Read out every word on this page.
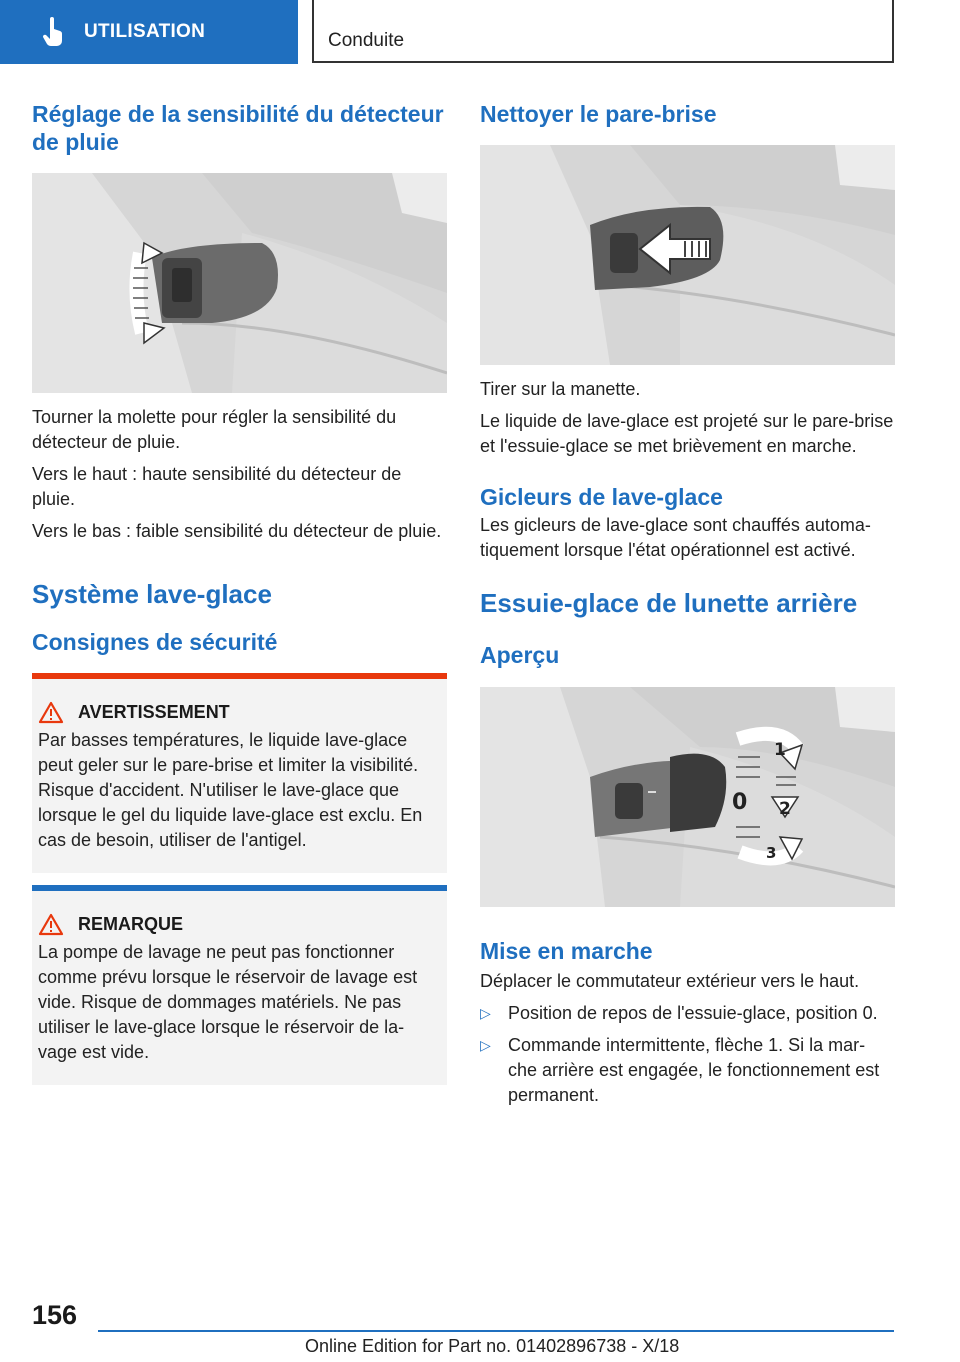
UTILISATION	Conduite
Réglage de la sensibilité du détecteur de pluie

Tourner la molette pour régler la sensibilité du détecteur de pluie.

Vers le haut : haute sensibilité du détecteur de pluie.

Vers le bas : faible sensibilité du détecteur de pluie.

Système lave-glace
Consignes de sécurité
AVERTISSEMENT

Par basses températures, le liquide lave-glace peut geler sur le pare-brise et limiter la visibilité. Risque d'accident. N'utiliser le lave-glace que lorsque le gel du liquide lave-glace est exclu. En cas de besoin, utiliser de l'antigel.

REMARQUE

La pompe de lavage ne peut pas fonctionner comme prévu lorsque le réservoir de lavage est vide. Risque de dommages matériels. Ne pas utiliser le lave-glace lorsque le réservoir de la-vage est vide.

Nettoyer le pare-brise

Tirer sur la manette.

Le liquide de lave-glace est projeté sur le pare-brise et l'essuie-glace se met brièvement en marche.

Gicleurs de lave-glace

Les gicleurs de lave-glace sont chauffés automa-tiquement lorsque l'état opérationnel est activé.

Essuie-glace de lunette arrière
Aperçu
1
0 2
3
Mise en marche

Déplacer le commutateur extérieur vers le haut.

▷ Position de repos de l'essuie-glace, position 0.

▷ Commande intermittente, flèche 1. Si la mar-che arrière est engagée, le fonctionnement est permanent.

156
Online Edition for Part no. 01402896738 - X/18
